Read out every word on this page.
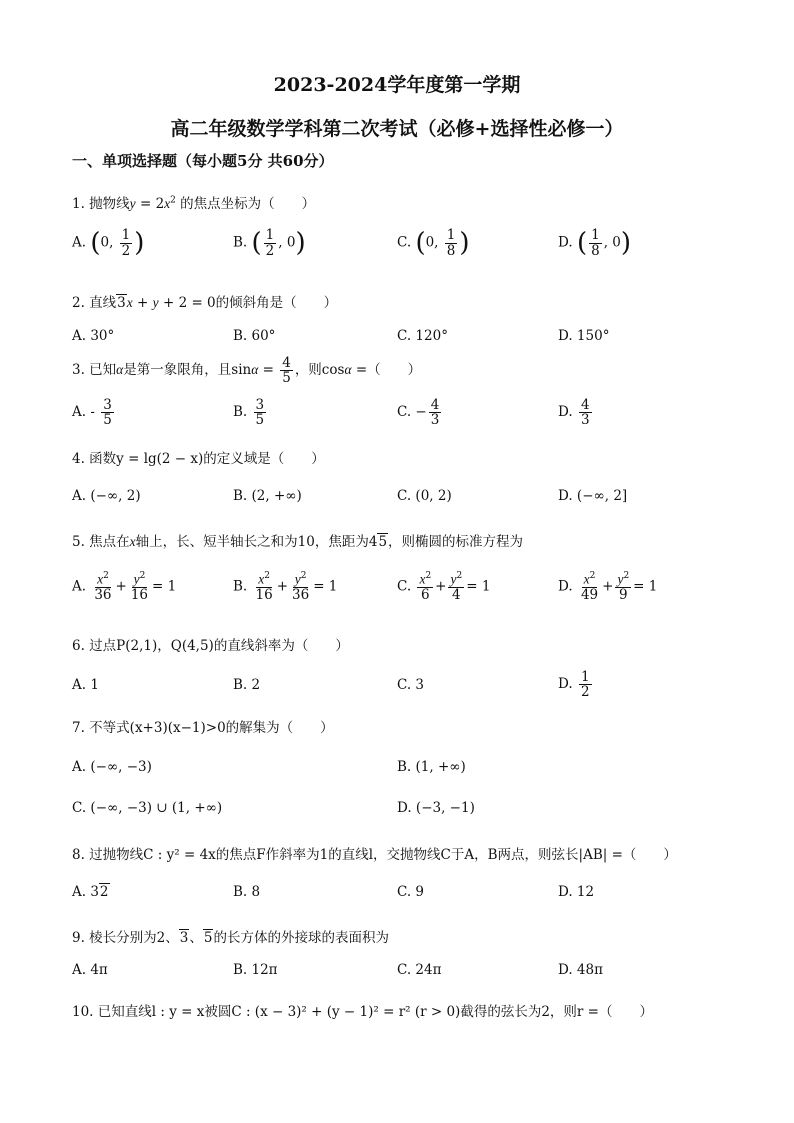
2023-2024学年度第一学期
高二年级数学学科第二次考试（必修+选择性必修一）
一、单项选择题（每小题5分 共60分）
1. 抛物线$y = 2x^2$ 的焦点坐标为（　　）
A. (0, $\frac{1}{2}$ )	B. ( $\frac{1}{2}$ , 0)	C. (0, $\frac{1}{8}$ )	D. ( $\frac{1}{8}$ , 0)
2. 直线3x + y + 2 = 0的倾斜角是（　　）
A. 30°	B. 60°	C. 120°	D. 150°
3. 已知α是第一象限角，且$\sin\alpha = \frac{4}{5}$ ，则cosα =（　　）
A. - $\frac{3}{5}$	B. $\frac{3}{5}$	C. − $\frac{4}{3}$	D. $\frac{4}{3}$
4. 函数y = lg(2 − x)的定义域是（　　）
A. (−∞, 2)	B. (2, +∞)	C. (0, 2)	D. (−∞, 2]
5. 焦点在x轴上，长、短半轴长之和为10，焦距为45，则椭圆的标准方程为
A. $\frac{x^2}{36} + \frac{y^2}{16} = 1$	B. $\frac{x^2}{16} + \frac{y^2}{36} = 1$	C. $\frac{x^2}{6} + \frac{y^2}{4} = 1$	D. $\frac{x^2}{49} + \frac{y^2}{9} = 1$
6. 过点P(2,1)，Q(4,5)的直线斜率为（　　）
A. 1	B. 2	C. 3	D. $\frac{1}{2}$
7. 不等式(x+3)(x−1)>0的解集为（　　）
A. (−∞, −3)	B. (1, +∞)
C. (−∞, −3) ∪ (1, +∞)	D. (−3, −1)
8. 过抛物线C : y² = 4x的焦点F作斜率为1的直线l，交抛物线C于A，B两点，则弦长|AB| =（　　）
A. 32	B. 8	C. 9	D. 12
9. 棱长分别为2、3、5的长方体的外接球的表面积为
A. 4π	B. 12π	C. 24π	D. 48π
10. 已知直线l : y = x被圆C : (x − 3)² + (y − 1)² = r² (r > 0)截得的弦长为2，则r =（　　）
